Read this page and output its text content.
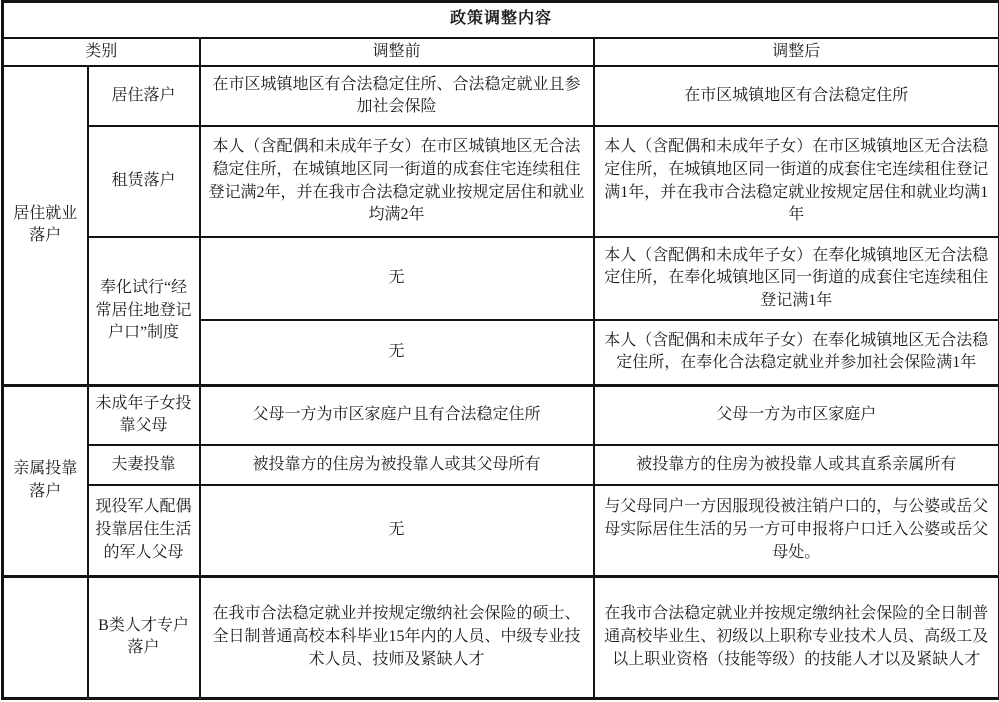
政策调整内容			
类别		调整前	调整后
居住就业落户	居住落户	在市区城镇地区有合法稳定住所、合法稳定就业且参加社会保险	在市区城镇地区有合法稳定住所
	租赁落户	本人（含配偶和未成年子女）在市区城镇地区无合法稳定住所，在城镇地区同一街道的成套住宅连续租住登记满2年，并在我市合法稳定就业按规定居住和就业均满2年	本人（含配偶和未成年子女）在市区城镇地区无合法稳定住所，在城镇地区同一街道的成套住宅连续租住登记满1年，并在我市合法稳定就业按规定居住和就业均满1年
	奉化试行“经常居住地登记户口”制度	无	本人（含配偶和未成年子女）在奉化城镇地区无合法稳定住所，在奉化城镇地区同一街道的成套住宅连续租住登记满1年
		无	本人（含配偶和未成年子女）在奉化城镇地区无合法稳定住所，在奉化合法稳定就业并参加社会保险满1年
亲属投靠落户	未成年子女投靠父母	父母一方为市区家庭户且有合法稳定住所	父母一方为市区家庭户
	夫妻投靠	被投靠方的住房为被投靠人或其父母所有	被投靠方的住房为被投靠人或其直系亲属所有
	现役军人配偶投靠居住生活的军人父母	无	与父母同户一方因服现役被注销户口的，与公婆或岳父母实际居住生活的另一方可申报将户口迁入公婆或岳父母处。
	B类人才专户落户	在我市合法稳定就业并按规定缴纳社会保险的硕士、全日制普通高校本科毕业15年内的人员、中级专业技术人员、技师及紧缺人才	在我市合法稳定就业并按规定缴纳社会保险的全日制普通高校毕业生、初级以上职称专业技术人员、高级工及以上职业资格（技能等级）的技能人才以及紧缺人才
